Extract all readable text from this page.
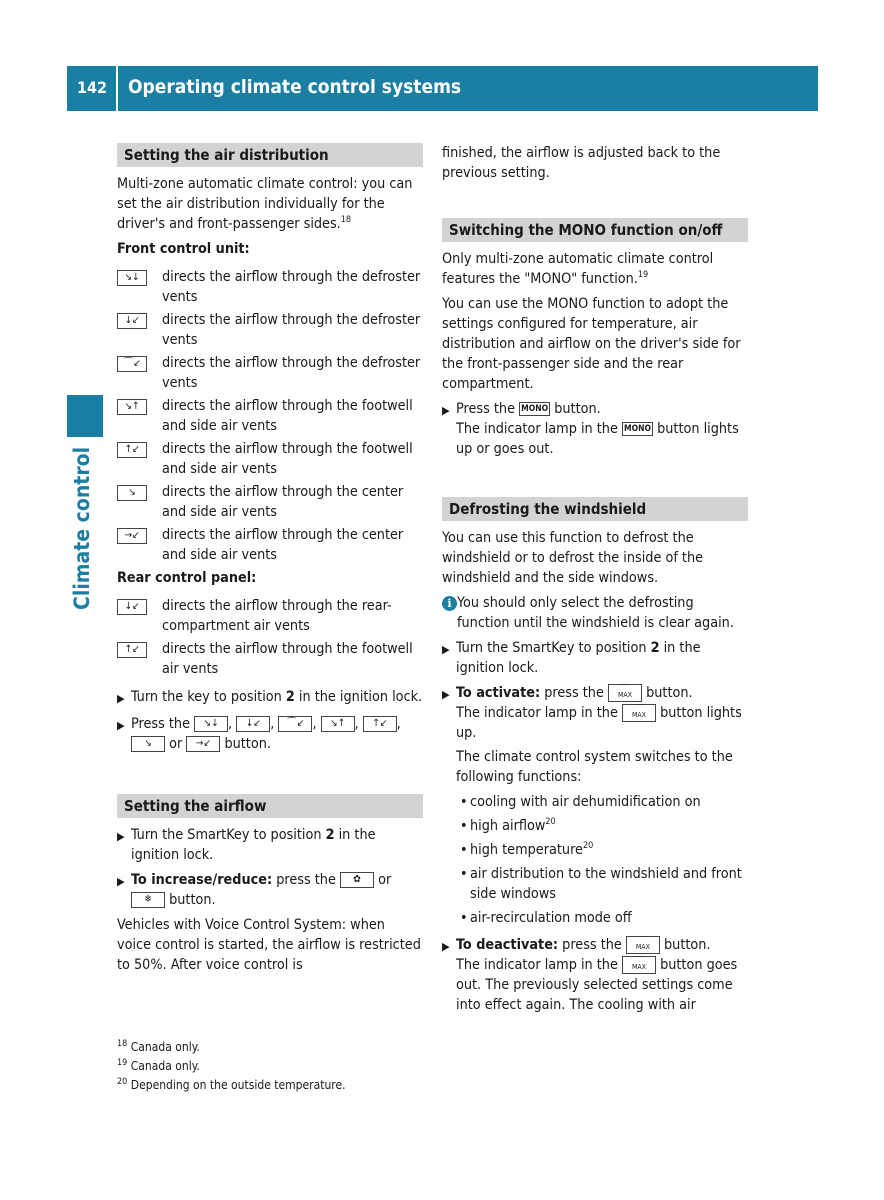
142 Operating climate control systems
Climate control
Setting the air distribution

Multi-zone automatic climate control: you can set the air distribution individually for the driver's and front-passenger sides.$^{18}$

Front control unit:

↘↓	directs the airflow through the defroster vents
↓↙	directs the airflow through the defroster vents
⌒↙	directs the airflow through the defroster vents
↘↑	directs the airflow through the footwell and side air vents
↑↙	directs the airflow through the footwell and side air vents
↘	directs the airflow through the center and side air vents
→↙	directs the airflow through the center and side air vents

Rear control panel:

↓↙	directs the airflow through the rear-compartment air vents
↑↙	directs the airflow through the footwell air vents
▶ Turn the key to position 2 in the ignition lock.
▶ Press the ↘↓ , ↓↙ , ⌒↙ , ↘↑ , ↑↙ , ↘ or →↙ button.
Setting the airflow
▶ Turn the SmartKey to position 2 in the ignition lock.
▶ To increase/reduce: press the ✿ or
❄ button.

Vehicles with Voice Control System: when voice control is started, the airflow is restricted to 50%. After voice control is

finished, the airflow is adjusted back to the previous setting.

Switching the MONO function on/off

Only multi-zone automatic climate control features the "MONO" function.$^{19}$

You can use the MONO function to adopt the settings configured for temperature, air distribution and airflow on the driver's side for the front-passenger side and the rear compartment.

▶ Press the MONO button.
The indicator lamp in the MONO button lights up or goes out.
Defrosting the windshield

You can use this function to defrost the windshield or to defrost the inside of the windshield and the side windows.

i You should only select the defrosting function until the windshield is clear again.
▶ Turn the SmartKey to position 2 in the ignition lock.
▶ To activate: press the	⌒
MAX button.
The indicator lamp in the	⌒
MAX button lights up.

The climate control system switches to the following functions:
• cooling with air dehumidification on
• high airflow$^{20}$
• high temperature$^{20}$
• air distribution to the windshield and front side windows
• air-recirculation mode off
▶ To deactivate: press the	⌒
MAX button.
The indicator lamp in the	⌒
MAX button goes out. The previously selected settings come into effect again. The cooling with air
$^{18}$ Canada only.
$^{19}$ Canada only.
$^{20}$ Depending on the outside temperature.
